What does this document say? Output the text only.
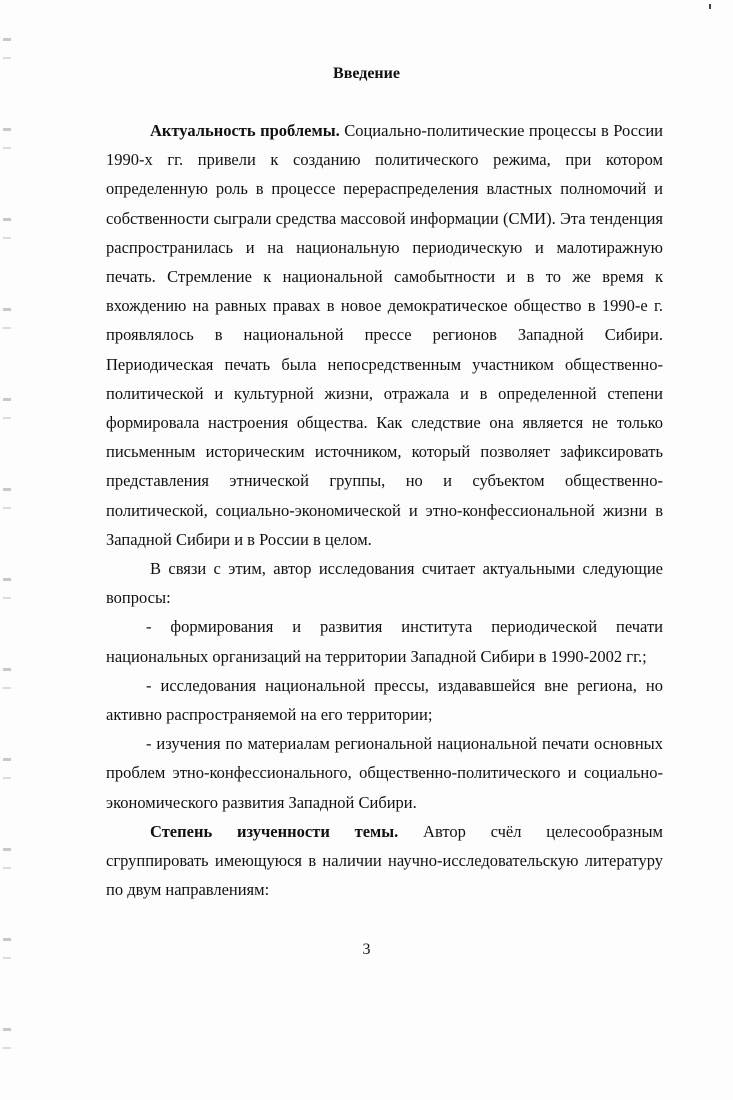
Введение

Актуальность проблемы. Социально-политические процессы в России 1990-х гг. привели к созданию политического режима, при котором определенную роль в процессе перераспределения властных полномочий и собственности сыграли средства массовой информации (СМИ). Эта тенденция распространилась и на национальную периодическую и малотиражную печать. Стремление к национальной самобытности и в то же время к вхождению на равных правах в новое демократическое общество в 1990-е г. проявлялось в национальной прессе регионов Западной Сибири. Периодическая печать была непосредственным участником общественно-политической и культурной жизни, отражала и в определенной степени формировала настроения общества. Как следствие она является не только письменным историческим источником, который позволяет зафиксировать представления этнической группы, но и субъектом общественно-политической, социально-экономической и этно-конфессиональной жизни в Западной Сибири и в России в целом.

В связи с этим, автор исследования считает актуальными следующие вопросы:

- формирования и развития института периодической печати национальных организаций на территории Западной Сибири в 1990-2002 гг.;

- исследования национальной прессы, издававшейся вне региона, но активно распространяемой на его территории;

- изучения по материалам региональной национальной печати основных проблем этно-конфессионального, общественно-политического и социально-экономического развития Западной Сибири.

Степень изученности темы. Автор счёл целесообразным сгруппировать имеющуюся в наличии научно-исследовательскую литературу по двум направлениям:

3
